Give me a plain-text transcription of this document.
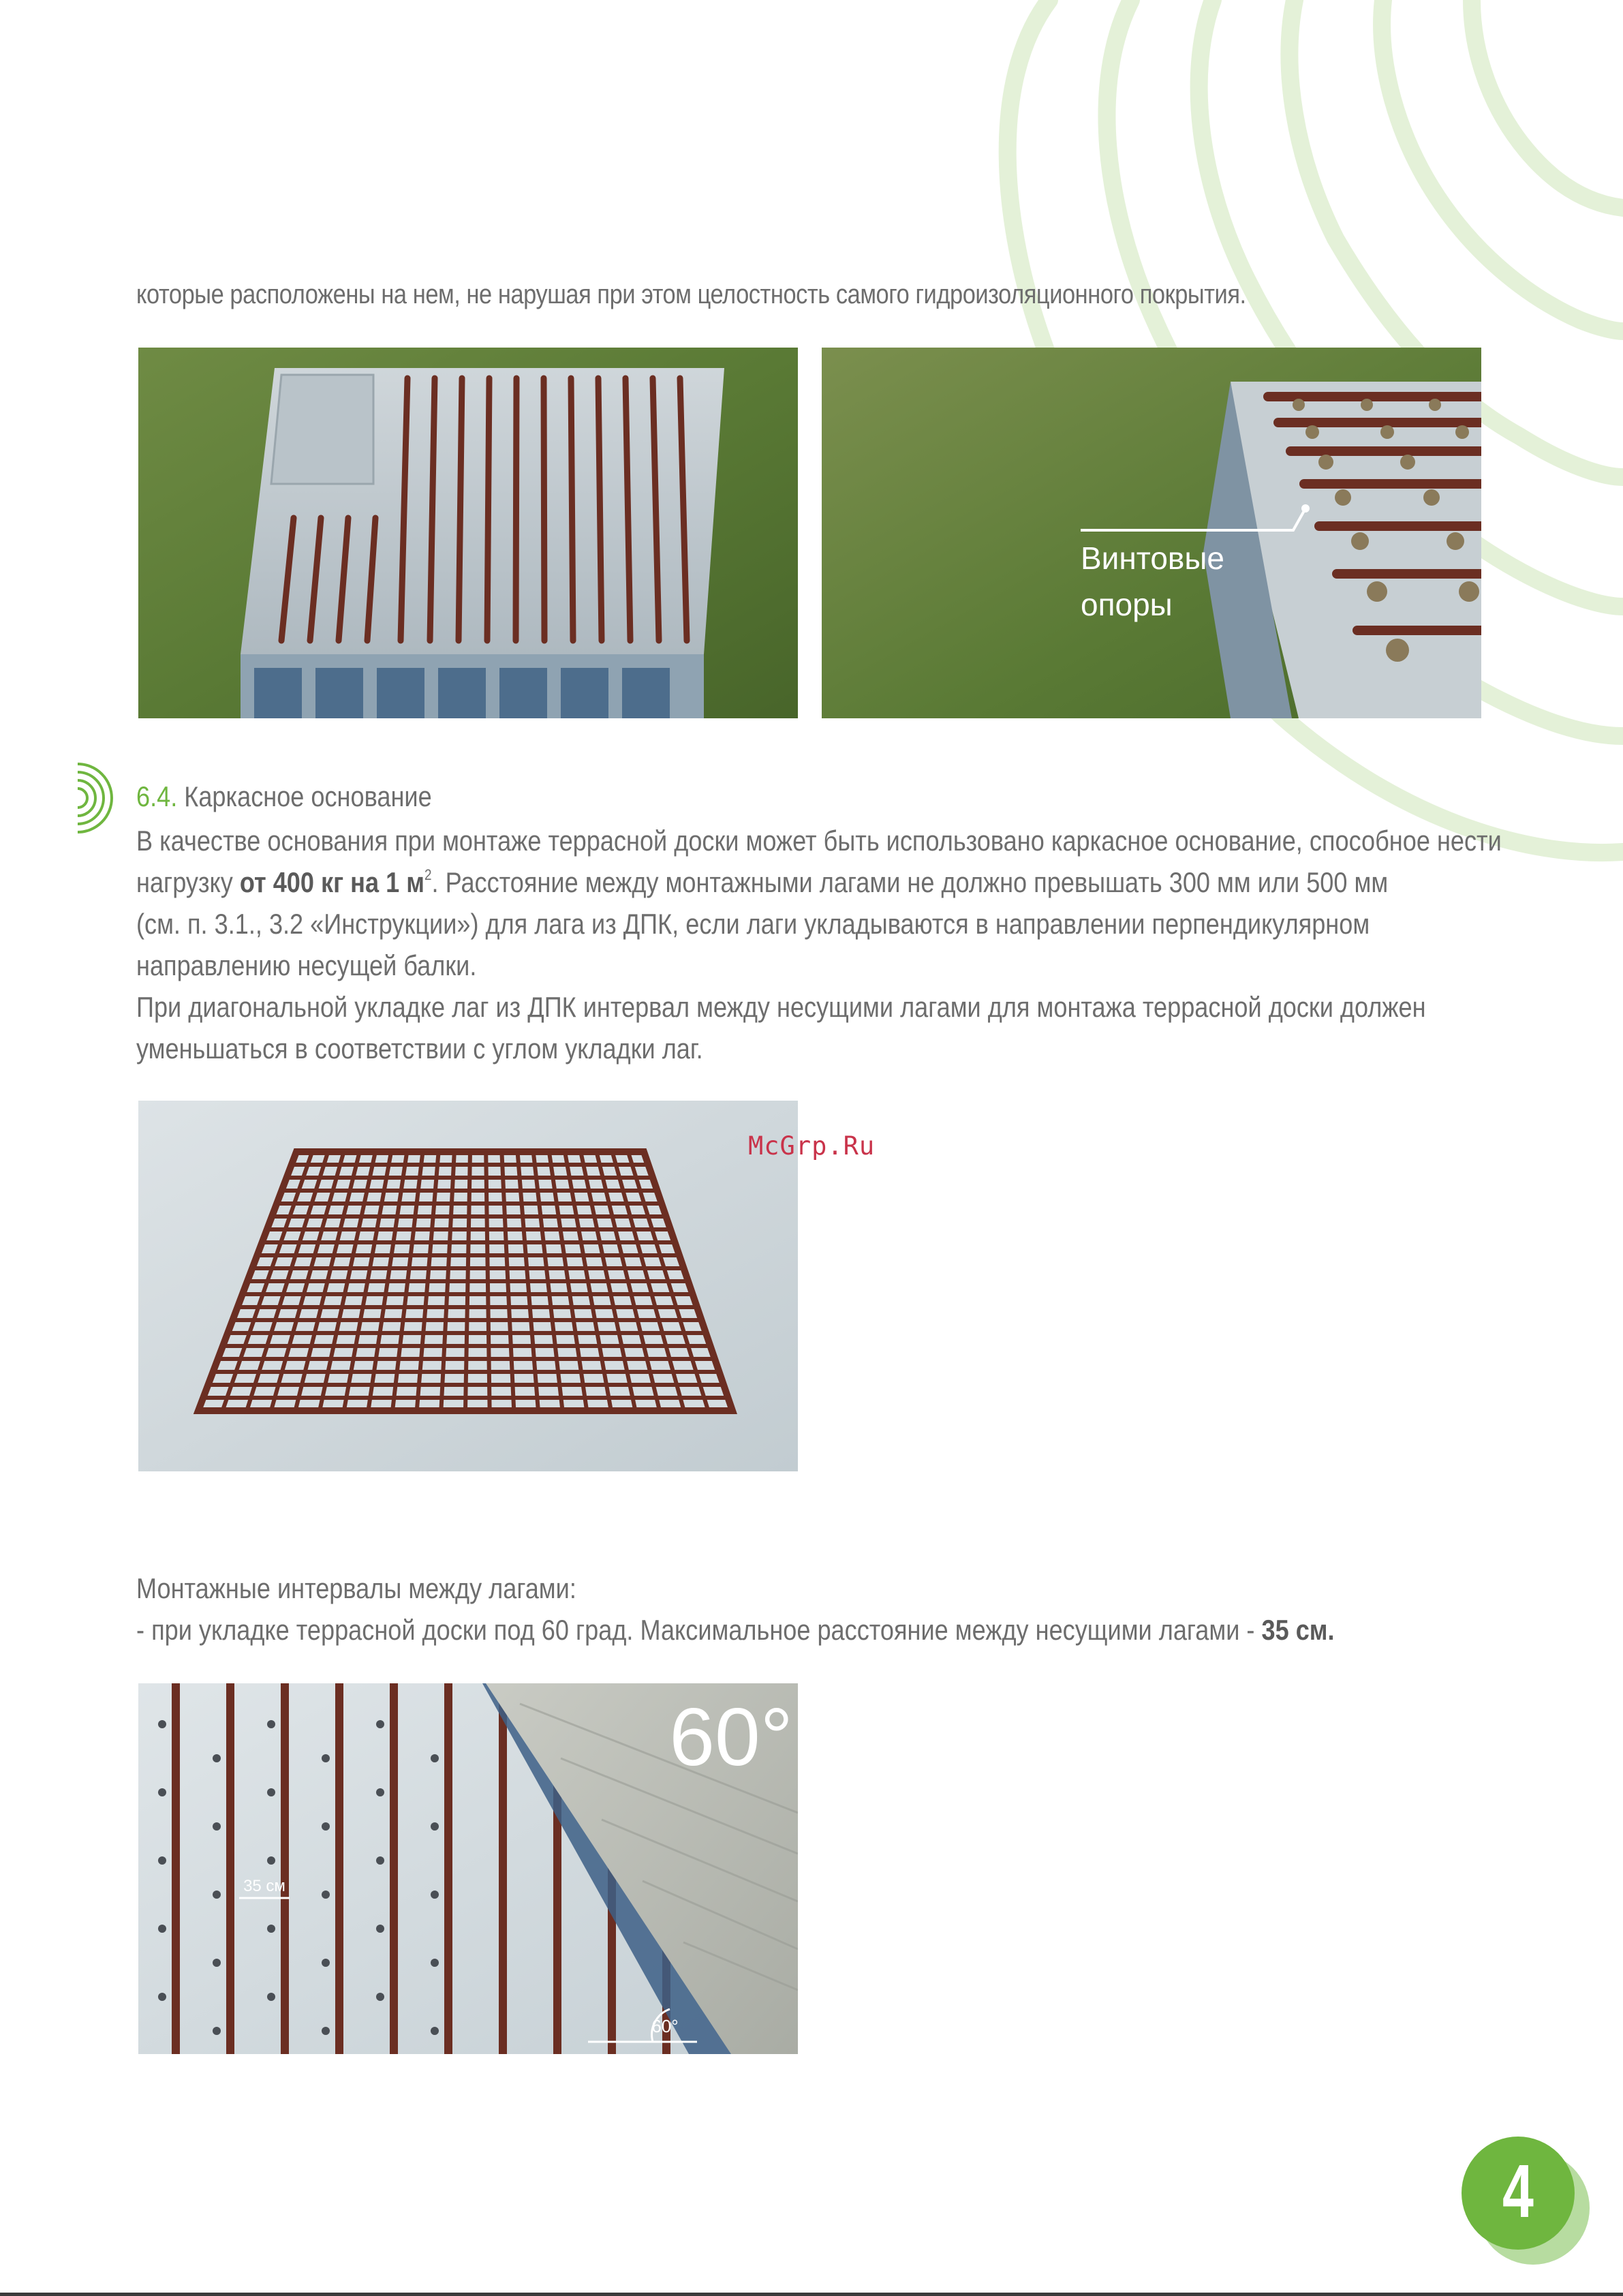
которые расположены на нем, не нарушая при этом целостность самого гидроизоляционного покрытия.
Винтовые
опоры
6.4. Каркасное основание

В качестве основания при монтаже террасной доски может быть использовано каркасное основание, способное нести

нагрузку от 400 кг на 1 $м^2$. Расстояние между монтажными лагами не должно превышать 300 мм или 500 мм

(см. п. 3.1., 3.2 «Инструкции») для лага из ДПК, если лаги укладываются в направлении перпендикулярном

направлению несущей балки.

При диагональной укладке лаг из ДПК интервал между несущими лагами для монтажа террасной доски должен

уменьшаться в соответствии с углом укладки лаг.

McGrp.Ru

Монтажные интервалы между лагами:

- при укладке террасной доски под 60 град. Максимальное расстояние между несущими лагами - 35 см.

60°
35 см
60°
4
